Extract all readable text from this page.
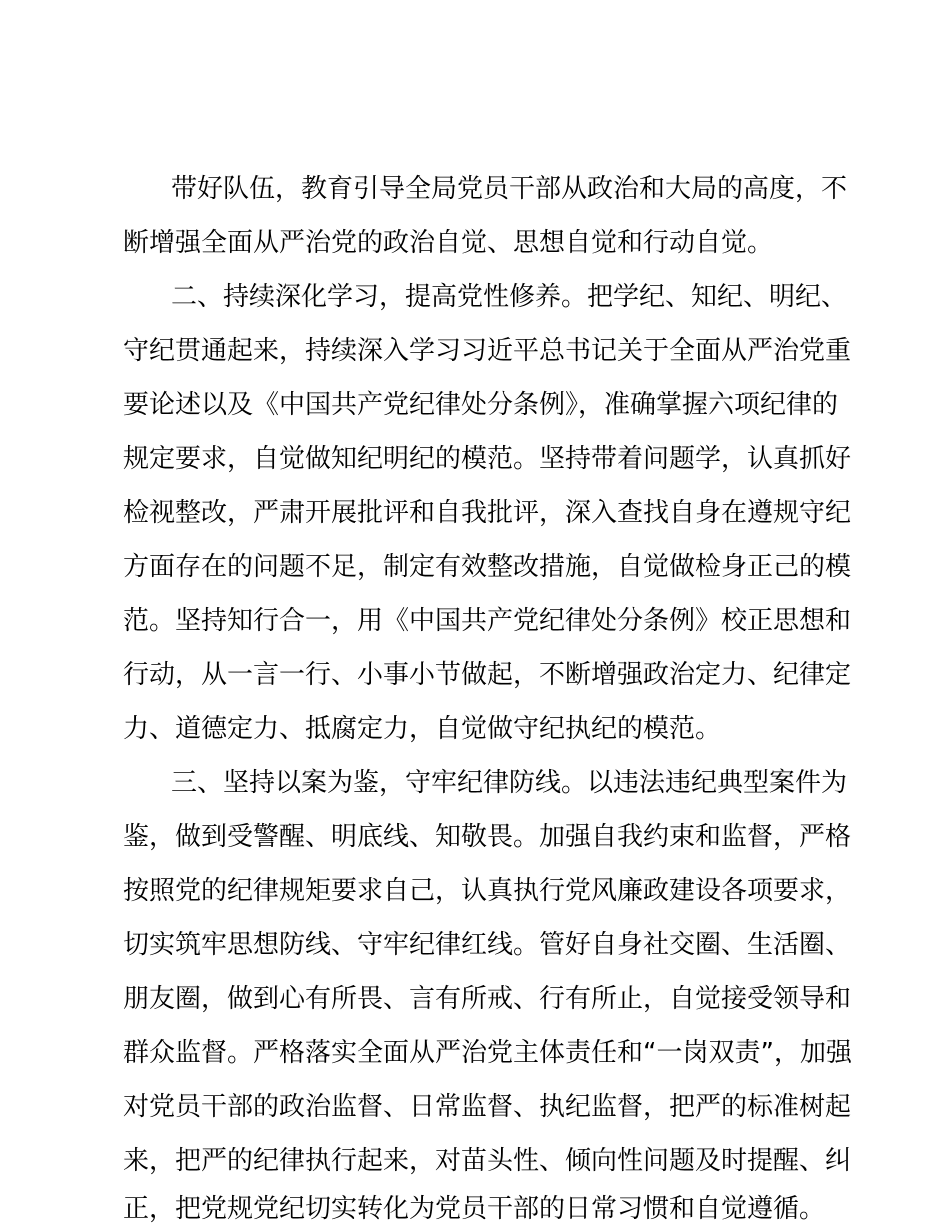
带好队伍，教育引导全局党员干部从政治和大局的高度，不
断增强全面从严治党的政治自觉、思想自觉和行动自觉。
二、持续深化学习，提高党性修养。把学纪、知纪、明纪、
守纪贯通起来，持续深入学习习近平总书记关于全面从严治党重
要论述以及《中国共产党纪律处分条例》，准确掌握六项纪律的
规定要求，自觉做知纪明纪的模范。坚持带着问题学，认真抓好
检视整改，严肃开展批评和自我批评，深入查找自身在遵规守纪
方面存在的问题不足，制定有效整改措施，自觉做检身正己的模
范。坚持知行合一，用《中国共产党纪律处分条例》校正思想和
行动，从一言一行、小事小节做起，不断增强政治定力、纪律定
力、道德定力、抵腐定力，自觉做守纪执纪的模范。
三、坚持以案为鉴，守牢纪律防线。以违法违纪典型案件为
鉴，做到受警醒、明底线、知敬畏。加强自我约束和监督，严格
按照党的纪律规矩要求自己，认真执行党风廉政建设各项要求，
切实筑牢思想防线、守牢纪律红线。管好自身社交圈、生活圈、
朋友圈，做到心有所畏、言有所戒、行有所止，自觉接受领导和
群众监督。严格落实全面从严治党主体责任和“一岗双责”，加强
对党员干部的政治监督、日常监督、执纪监督，把严的标准树起
来，把严的纪律执行起来，对苗头性、倾向性问题及时提醒、纠
正，把党规党纪切实转化为党员干部的日常习惯和自觉遵循。
